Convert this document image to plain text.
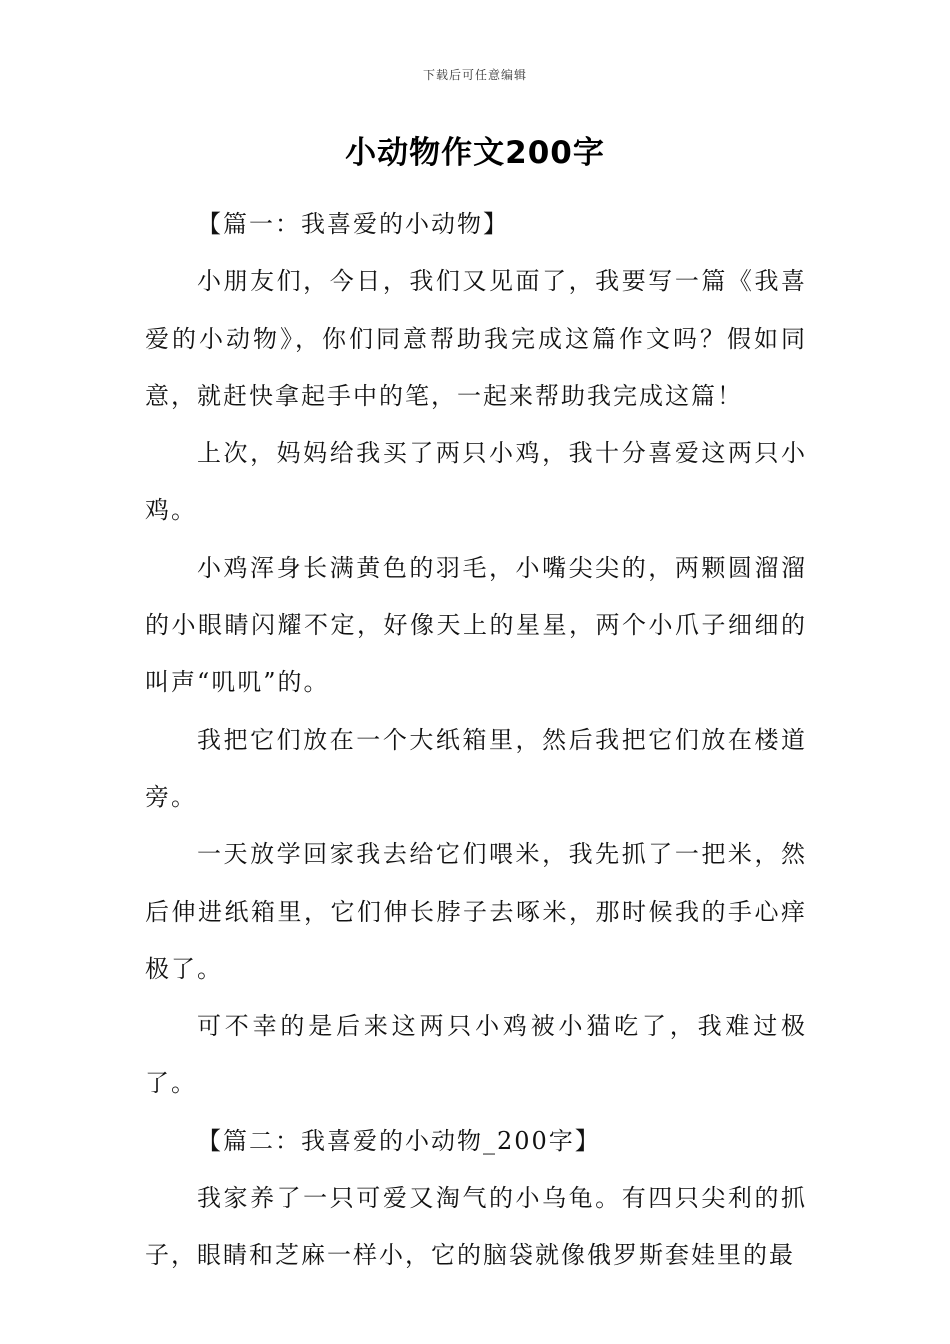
下载后可任意编辑
小动物作文200字

【篇一：我喜爱的小动物】

小朋友们，今日，我们又见面了，我要写一篇《我喜爱的小动物》，你们同意帮助我完成这篇作文吗？假如同意，就赶快拿起手中的笔，一起来帮助我完成这篇！

上次，妈妈给我买了两只小鸡，我十分喜爱这两只小鸡。

小鸡浑身长满黄色的羽毛，小嘴尖尖的，两颗圆溜溜的小眼睛闪耀不定，好像天上的星星，两个小爪子细细的叫声“叽叽”的。

我把它们放在一个大纸箱里，然后我把它们放在楼道旁。

一天放学回家我去给它们喂米，我先抓了一把米，然后伸进纸箱里，它们伸长脖子去啄米，那时候我的手心痒极了。

可不幸的是后来这两只小鸡被小猫吃了，我难过极了。

【篇二：我喜爱的小动物_200字】

我家养了一只可爱又淘气的小乌龟。有四只尖利的抓子，眼睛和芝麻一样小，它的脑袋就像俄罗斯套娃里的最
